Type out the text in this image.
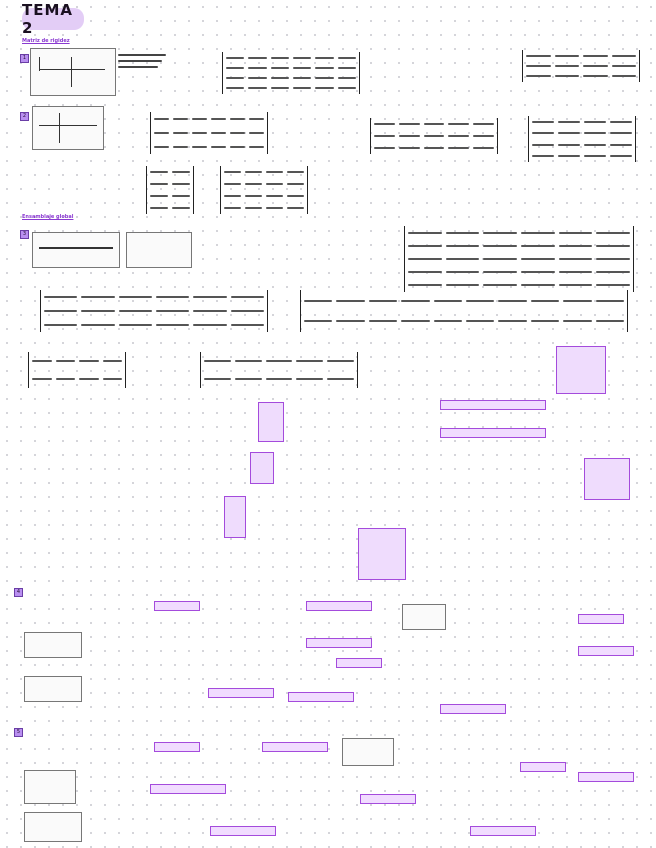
TEMA 2
Matriz de rigidez
1
2
Ensamblaje global
3
4
5
